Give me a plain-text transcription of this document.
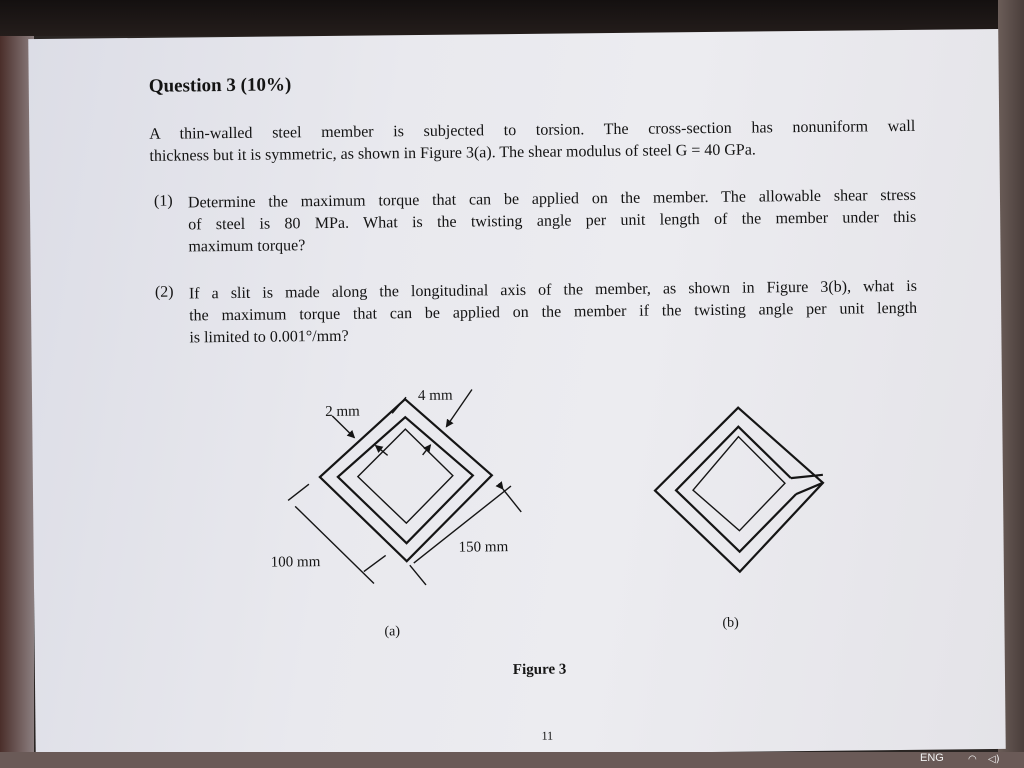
Question 3 (10%)
A thin-walled steel member is subjected to torsion. The cross-section has nonuniform wall
thickness but it is symmetric, as shown in Figure 3(a). The shear modulus of steel G = 40 GPa.
(1) Determine the maximum torque that can be applied on the member. The allowable shear stress
of steel is 80 MPa. What is the twisting angle per unit length of the member under this
maximum torque?
(2) If a slit is made along the longitudinal axis of the member, as shown in Figure 3(b), what is
the maximum torque that can be applied on the member if the twisting angle per unit length
is limited to 0.001°/mm?
2 mm
4 mm
100 mm
150 mm
(a)
(b)
Figure 3
11
ENG ◠ ◁)
